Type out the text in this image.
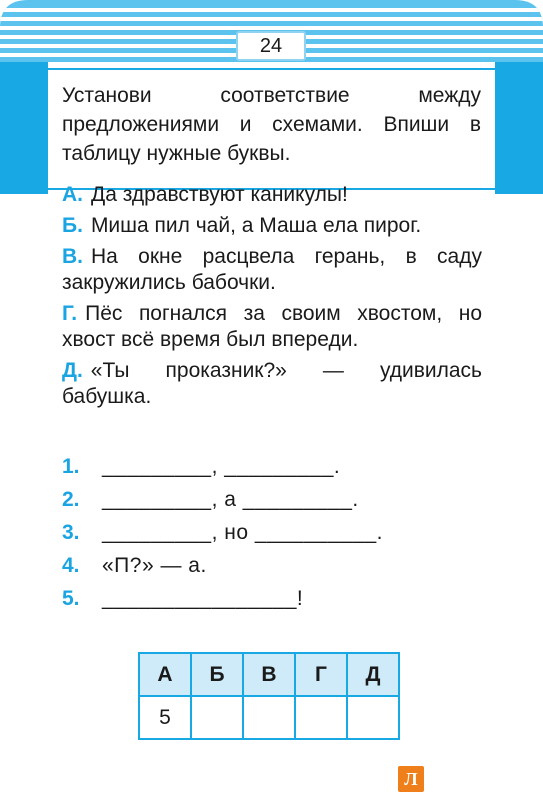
24
Установи соответствие между предложениями и схемами. Впиши в таблицу нужные буквы.
А. Да здравствуют каникулы!
Б. Миша пил чай, а Маша ела пирог.
В. На окне расцвела герань, в саду закружились бабочки.
Г. Пёс погнался за своим хвостом, но хвост всё время был впереди.
Д. «Ты проказник?» — удивилась бабушка.
1. _________, _________.
2. _________, а _________.
3. _________, но __________.
4. «П?» — а.
5. ________________!
А	Б	В	Г	Д
5				
Л
